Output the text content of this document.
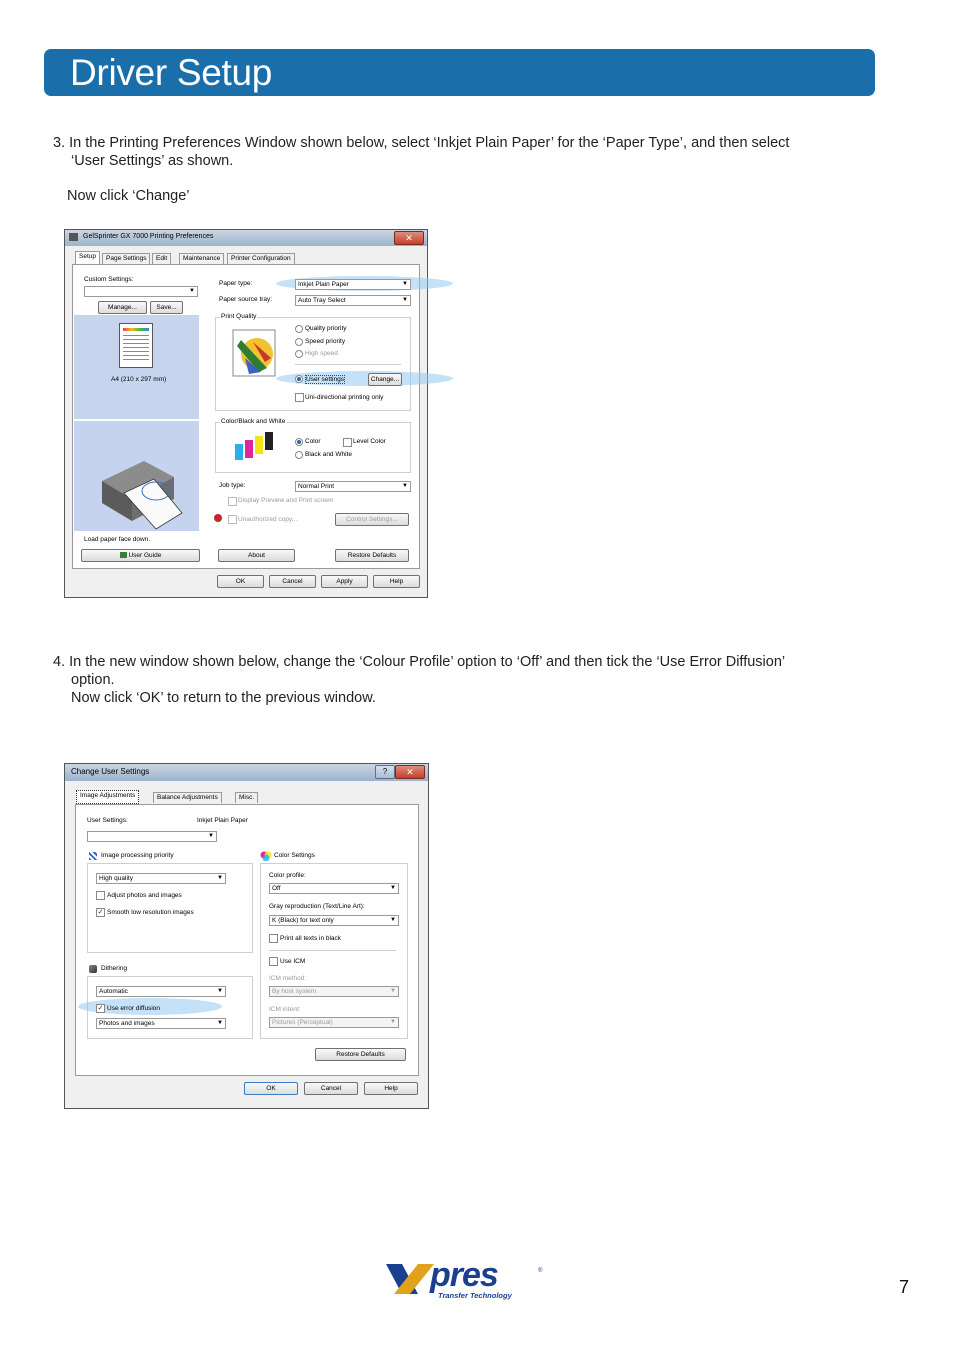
Driver Setup
3. In the Printing Preferences Window shown below, select ‘Inkjet Plain Paper’ for the ‘Paper Type’, and then select
‘User Settings’ as shown.
Now click ‘Change’
GelSprinter GX 7000 Printing Preferences	✕
Setup	Page Settings	Edit	Maintenance	Printer Configuration
Custom Settings:
▼
Manage...	Save...
A4 (210 x 297 mm)
Load paper face down.
User Guide
Paper type:	Inkjet Plain Paper	▼
Paper source tray:	Auto Tray Select	▼
Print Quality
Quality priority
Speed priority
High speed
User settings	Change...
Uni-directional printing only
Color/Black and White
Color	Level Color
Black and White
Job type:	Normal Print	▼
Display Preview and Print screen
Unauthorized copy...	Control Settings...
About	Restore Defaults
OK	Cancel	Apply	Help
4. In the new window shown below, change the ‘Colour Profile’ option to ‘Off’ and then tick the ‘Use Error Diffusion’
option.
Now click ‘OK’ to return to the previous window.
Change User Settings	?	✕
Image Adjustments	Balance Adjustments	Misc.
User Settings:	Inkjet Plain Paper
▼
Image processing priority
High quality	▼
Adjust photos and images
✓ Smooth low resolution images
Dithering
Automatic	▼
✓ Use error diffusion
Photos and images	▼
Color Settings
Color profile:
Off	▼
Gray reproduction (Text/Line Art):
K (Black) for text only	▼
Print all texts in black
Use ICM
ICM method:
By host system	▼
ICM intent:
Pictures (Perceptual)	▼
Restore Defaults
OK	Cancel	Help
pres	®
Transfer Technology	7
